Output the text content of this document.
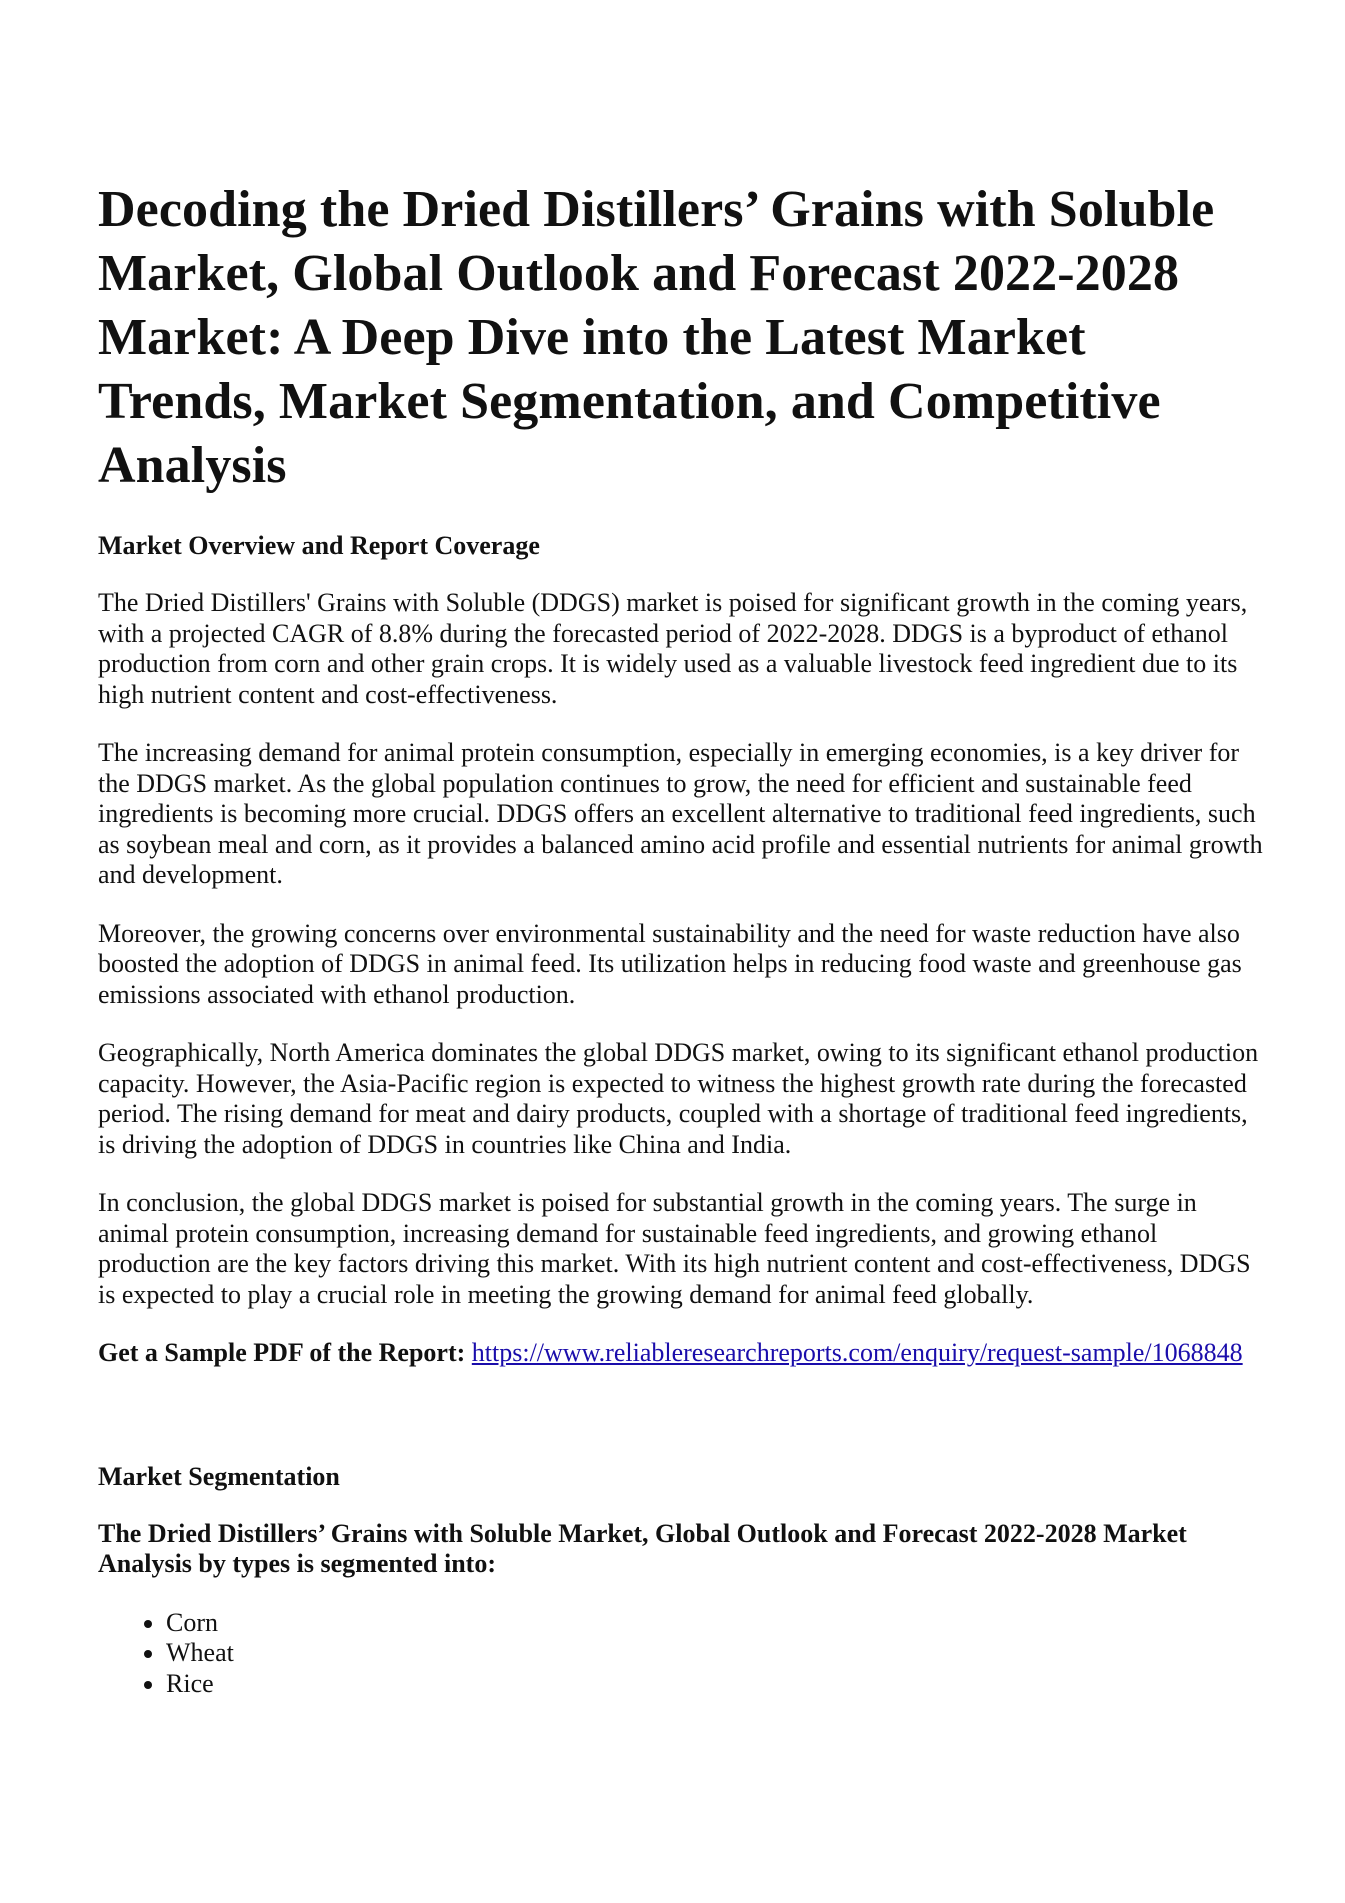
Decoding the Dried Distillers’ Grains with Soluble Market, Global Outlook and Forecast 2022-2028 Market: A Deep Dive into the Latest Market Trends, Market Segmentation, and Competitive Analysis
Market Overview and Report Coverage

The Dried Distillers' Grains with Soluble (DDGS) market is poised for significant growth in the coming years, with a projected CAGR of 8.8% during the forecasted period of 2022-2028. DDGS is a byproduct of ethanol production from corn and other grain crops. It is widely used as a valuable livestock feed ingredient due to its high nutrient content and cost-effectiveness.

The increasing demand for animal protein consumption, especially in emerging economies, is a key driver for the DDGS market. As the global population continues to grow, the need for efficient and sustainable feed ingredients is becoming more crucial. DDGS offers an excellent alternative to traditional feed ingredients, such as soybean meal and corn, as it provides a balanced amino acid profile and essential nutrients for animal growth and development.

Moreover, the growing concerns over environmental sustainability and the need for waste reduction have also boosted the adoption of DDGS in animal feed. Its utilization helps in reducing food waste and greenhouse gas emissions associated with ethanol production.

Geographically, North America dominates the global DDGS market, owing to its significant ethanol production capacity. However, the Asia-Pacific region is expected to witness the highest growth rate during the forecasted period. The rising demand for meat and dairy products, coupled with a shortage of traditional feed ingredients, is driving the adoption of DDGS in countries like China and India.

In conclusion, the global DDGS market is poised for substantial growth in the coming years. The surge in animal protein consumption, increasing demand for sustainable feed ingredients, and growing ethanol production are the key factors driving this market. With its high nutrient content and cost-effectiveness, DDGS is expected to play a crucial role in meeting the growing demand for animal feed globally.

Get a Sample PDF of the Report: https://www.reliableresearchreports.com/enquiry/request-sample/1068848

Market Segmentation
The Dried Distillers’ Grains with Soluble Market, Global Outlook and Forecast 2022-2028 Market Analysis by types is segmented into:
• Corn
• Wheat
• Rice
